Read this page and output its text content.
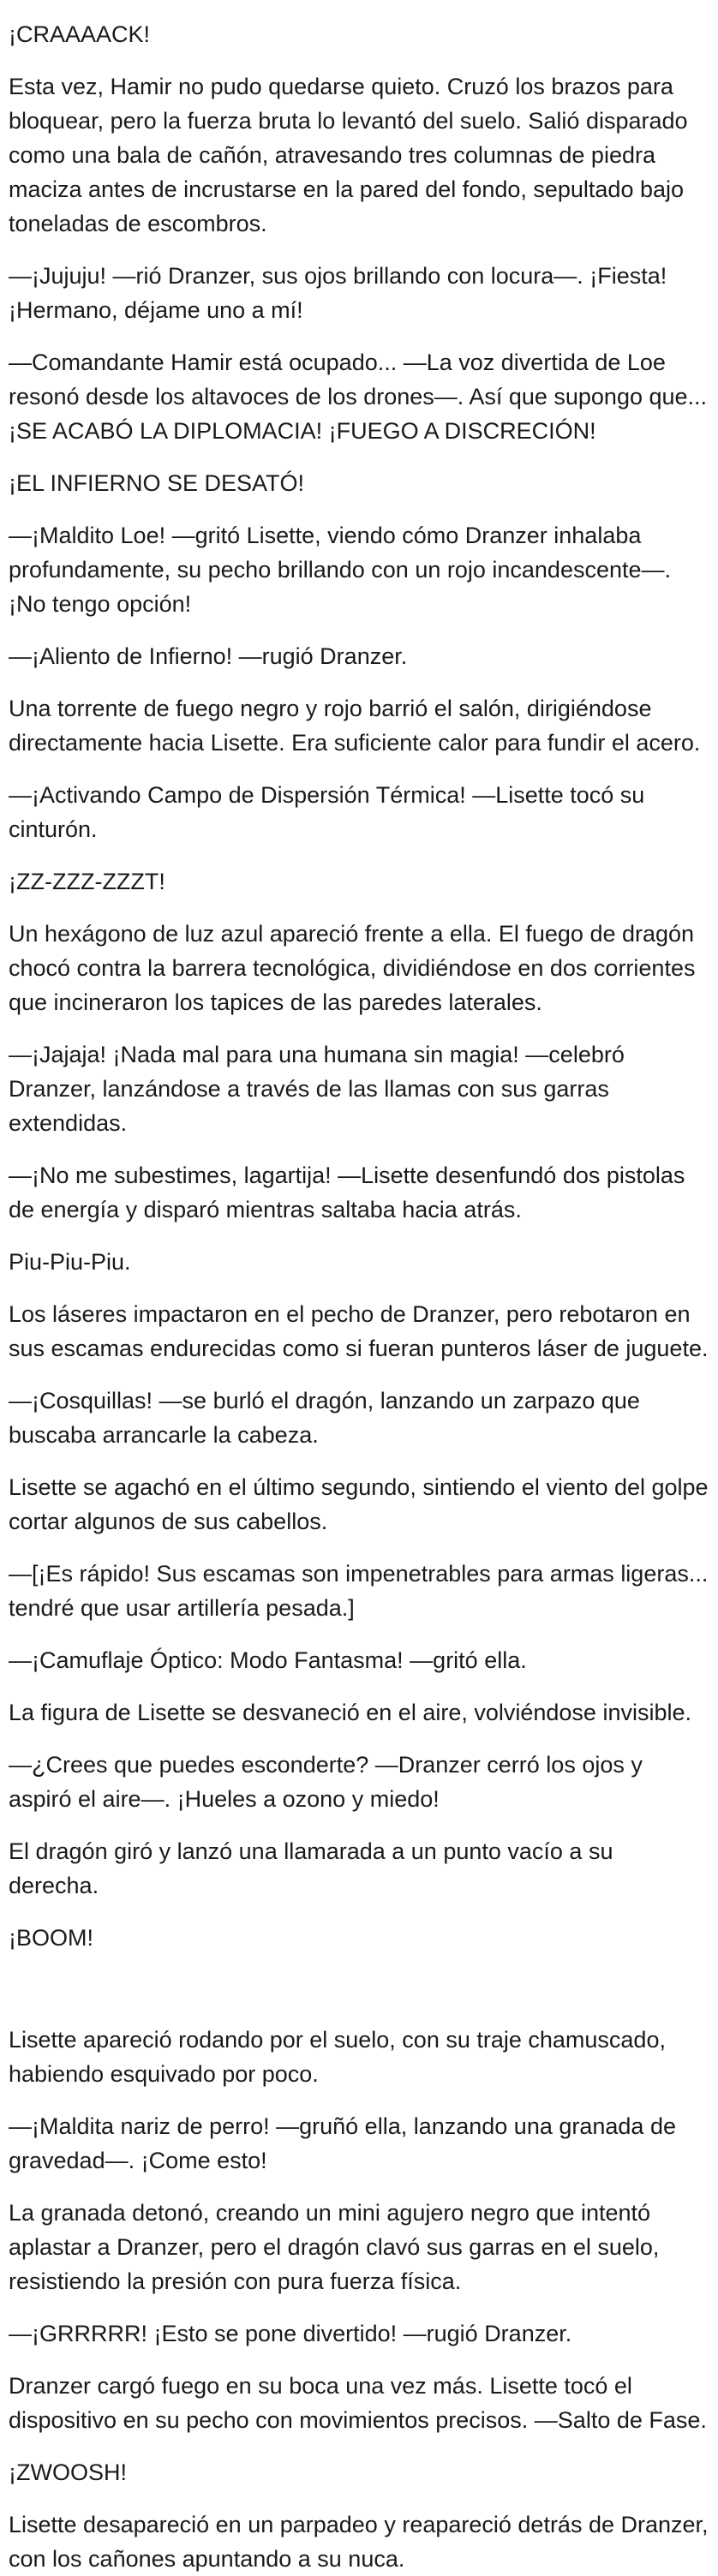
¡CRAAAACK!

Esta vez, Hamir no pudo quedarse quieto. Cruzó los brazos para bloquear, pero la fuerza bruta lo levantó del suelo. Salió disparado como una bala de cañón, atravesando tres columnas de piedra maciza antes de incrustarse en la pared del fondo, sepultado bajo toneladas de escombros.

—¡Jujuju! —rió Dranzer, sus ojos brillando con locura—. ¡Fiesta! ¡Hermano, déjame uno a mí!

—Comandante Hamir está ocupado... —La voz divertida de Loe resonó desde los altavoces de los drones—. Así que supongo que... ¡SE ACABÓ LA DIPLOMACIA! ¡FUEGO A DISCRECIÓN!

¡EL INFIERNO SE DESATÓ!

—¡Maldito Loe! —gritó Lisette, viendo cómo Dranzer inhalaba profundamente, su pecho brillando con un rojo incandescente—. ¡No tengo opción!

—¡Aliento de Infierno! —rugió Dranzer.

Una torrente de fuego negro y rojo barrió el salón, dirigiéndose directamente hacia Lisette. Era suficiente calor para fundir el acero.

—¡Activando Campo de Dispersión Térmica! —Lisette tocó su cinturón.

¡ZZ-ZZZ-ZZZT!

Un hexágono de luz azul apareció frente a ella. El fuego de dragón chocó contra la barrera tecnológica, dividiéndose en dos corrientes que incineraron los tapices de las paredes laterales.

—¡Jajaja! ¡Nada mal para una humana sin magia! —celebró Dranzer, lanzándose a través de las llamas con sus garras extendidas.

—¡No me subestimes, lagartija! —Lisette desenfundó dos pistolas de energía y disparó mientras saltaba hacia atrás.

Piu-Piu-Piu.

Los láseres impactaron en el pecho de Dranzer, pero rebotaron en sus escamas endurecidas como si fueran punteros láser de juguete.

—¡Cosquillas! —se burló el dragón, lanzando un zarpazo que buscaba arrancarle la cabeza.

Lisette se agachó en el último segundo, sintiendo el viento del golpe cortar algunos de sus cabellos.

—[¡Es rápido! Sus escamas son impenetrables para armas ligeras... tendré que usar artillería pesada.]

—¡Camuflaje Óptico: Modo Fantasma! —gritó ella.

La figura de Lisette se desvaneció en el aire, volviéndose invisible.

—¿Crees que puedes esconderte? —Dranzer cerró los ojos y aspiró el aire—. ¡Hueles a ozono y miedo!

El dragón giró y lanzó una llamarada a un punto vacío a su derecha.

¡BOOM!

Lisette apareció rodando por el suelo, con su traje chamuscado, habiendo esquivado por poco.

—¡Maldita nariz de perro! —gruñó ella, lanzando una granada de gravedad—. ¡Come esto!

La granada detonó, creando un mini agujero negro que intentó aplastar a Dranzer, pero el dragón clavó sus garras en el suelo, resistiendo la presión con pura fuerza física.

—¡GRRRRR! ¡Esto se pone divertido! —rugió Dranzer.

Dranzer cargó fuego en su boca una vez más. Lisette tocó el dispositivo en su pecho con movimientos precisos. —Salto de Fase.

¡ZWOOSH!

Lisette desapareció en un parpadeo y reapareció detrás de Dranzer, con los cañones apuntando a su nuca.
